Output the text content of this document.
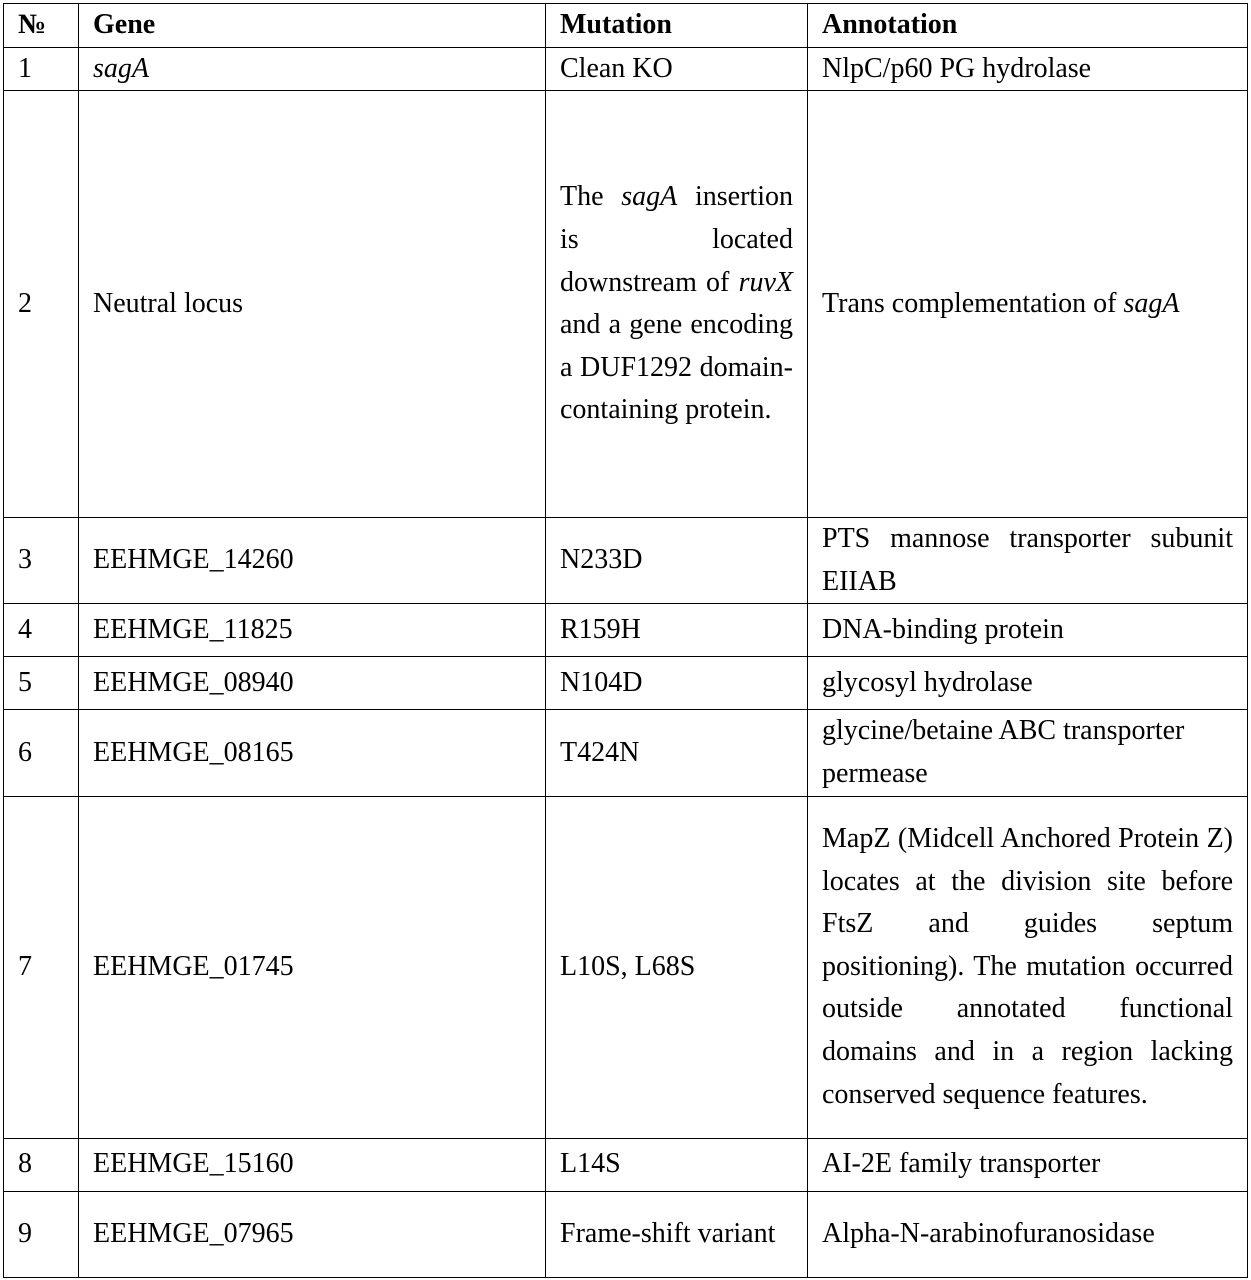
№	Gene	Mutation	Annotation
1	sagA	Clean KO	NlpC/p60 PG hydrolase
2	Neutral locus	The sagA insertion is located downstream of ruvX and a gene encoding a DUF1292 domain-containing protein.	Trans complementation of sagA
3	EEHMGE_14260	N233D	PTS mannose transporter subunit EIIAB
4	EEHMGE_11825	R159H	DNA-binding protein
5	EEHMGE_08940	N104D	glycosyl hydrolase
6	EEHMGE_08165	T424N	glycine/betaine ABC transporter permease
7	EEHMGE_01745	L10S, L68S	MapZ (Midcell Anchored Protein Z) locates at the division site before FtsZ and guides septum positioning). The mutation occurred outside annotated functional domains and in a region lacking conserved sequence features.
8	EEHMGE_15160	L14S	AI-2E family transporter
9	EEHMGE_07965	Frame-shift variant	Alpha-N-arabinofuranosidase
